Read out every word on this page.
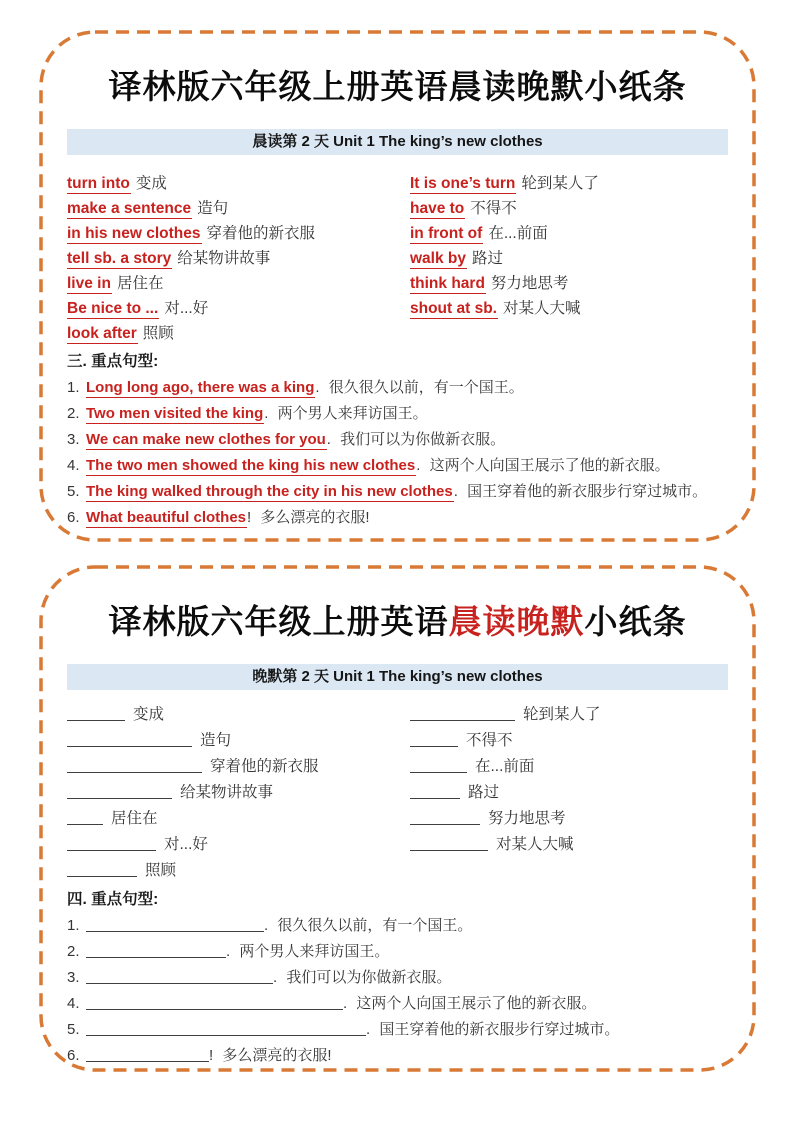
译林版六年级上册英语晨读晚默小纸条
晨读第 2 天 Unit 1 The king’s new clothes
turn into 变成
make a sentence 造句
in his new clothes 穿着他的新衣服
tell sb. a story 给某物讲故事
live in 居住在
Be nice to ... 对...好
look after 照顾
It is one’s turn 轮到某人了
have to 不得不
in front of 在...前面
walk by 路过
think hard 努力地思考
shout at sb. 对某人大喊
三. 重点句型:
1. Long long ago, there was a king. 很久很久以前，有一个国王。
2. Two men visited the king. 两个男人来拜访国王。
3. We can make new clothes for you. 我们可以为你做新衣服。
4. The two men showed the king his new clothes. 这两个人向国王展示了他的新衣服。
5. The king walked through the city in his new clothes. 国王穿着他的新衣服步行穿过城市。
6. What beautiful clothes! 多么漂亮的衣服!
译林版六年级上册英语晨读晚默小纸条
晚默第 2 天 Unit 1 The king’s new clothes
变成
造句
穿着他的新衣服
给某物讲故事
居住在
对...好
照顾
轮到某人了
不得不
在...前面
路过
努力地思考
对某人大喊
四. 重点句型:
1.	. 很久很久以前，有一个国王。
2.	. 两个男人来拜访国王。
3.	. 我们可以为你做新衣服。
4.	. 这两个人向国王展示了他的新衣服。
5.	. 国王穿着他的新衣服步行穿过城市。
6.	! 多么漂亮的衣服!
